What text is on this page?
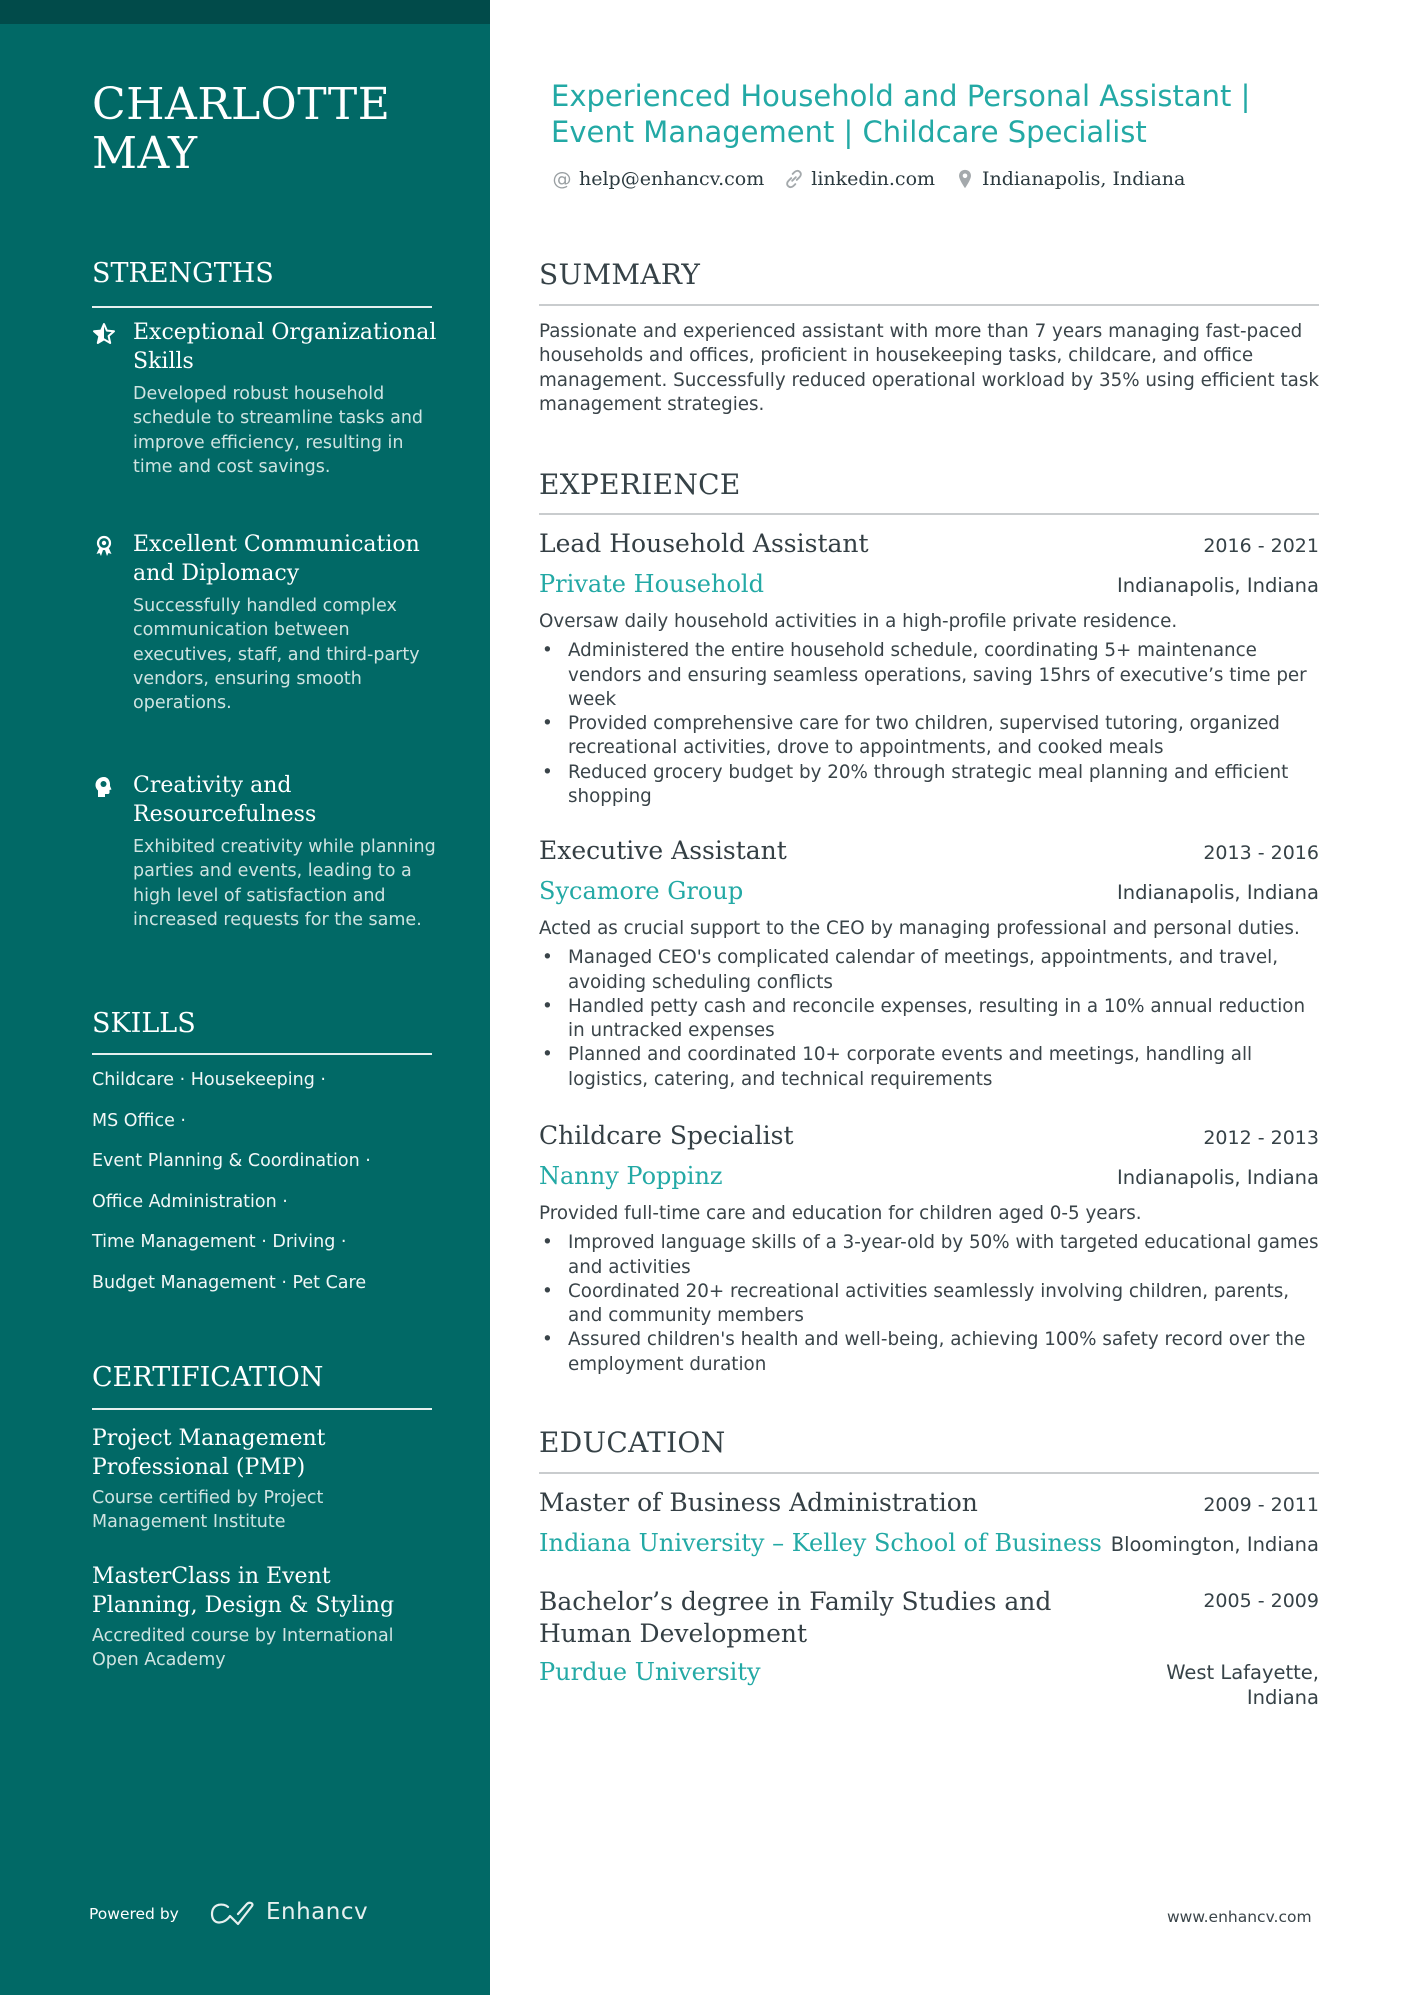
CHARLOTTE
MAY
STRENGTHS
Exceptional Organizational Skills
Developed robust household schedule to streamline tasks and improve efficiency, resulting in time and cost savings.
Excellent Communication and Diplomacy
Successfully handled complex communication between executives, staff, and third-party vendors, ensuring smooth operations.
Creativity and Resourcefulness
Exhibited creativity while planning parties and events, leading to a high level of satisfaction and increased requests for the same.
SKILLS
Childcare · Housekeeping ·
MS Office ·
Event Planning & Coordination ·
Office Administration ·
Time Management · Driving ·
Budget Management · Pet Care
CERTIFICATION
Project Management Professional (PMP)
Course certified by Project Management Institute
MasterClass in Event Planning, Design & Styling
Accredited course by International Open Academy
Powered by	Enhancv
Experienced Household and Personal Assistant | Event Management | Childcare Specialist
@ help@enhancv.com linkedin.com Indianapolis, Indiana
SUMMARY
Passionate and experienced assistant with more than 7 years managing fast-paced households and offices, proficient in housekeeping tasks, childcare, and office management. Successfully reduced operational workload by 35% using efficient task management strategies.
EXPERIENCE
Lead Household Assistant	2016 - 2021
Private Household	Indianapolis, Indiana
Oversaw daily household activities in a high-profile private residence.
• Administered the entire household schedule, coordinating 5+ maintenance vendors and ensuring seamless operations, saving 15hrs of executive’s time per week
• Provided comprehensive care for two children, supervised tutoring, organized recreational activities, drove to appointments, and cooked meals
• Reduced grocery budget by 20% through strategic meal planning and efficient shopping
Executive Assistant	2013 - 2016
Sycamore Group	Indianapolis, Indiana
Acted as crucial support to the CEO by managing professional and personal duties.
• Managed CEO's complicated calendar of meetings, appointments, and travel, avoiding scheduling conflicts
• Handled petty cash and reconcile expenses, resulting in a 10% annual reduction in untracked expenses
• Planned and coordinated 10+ corporate events and meetings, handling all logistics, catering, and technical requirements
Childcare Specialist	2012 - 2013
Nanny Poppinz	Indianapolis, Indiana
Provided full-time care and education for children aged 0-5 years.
• Improved language skills of a 3-year-old by 50% with targeted educational games and activities
• Coordinated 20+ recreational activities seamlessly involving children, parents, and community members
• Assured children's health and well-being, achieving 100% safety record over the employment duration
EDUCATION
Master of Business Administration	2009 - 2011
Indiana University – Kelley School of Business Bloomington, Indiana
Bachelor’s degree in Family Studies and Human Development
2005 - 2009
Purdue University	West Lafayette,
Indiana
www.enhancv.com
